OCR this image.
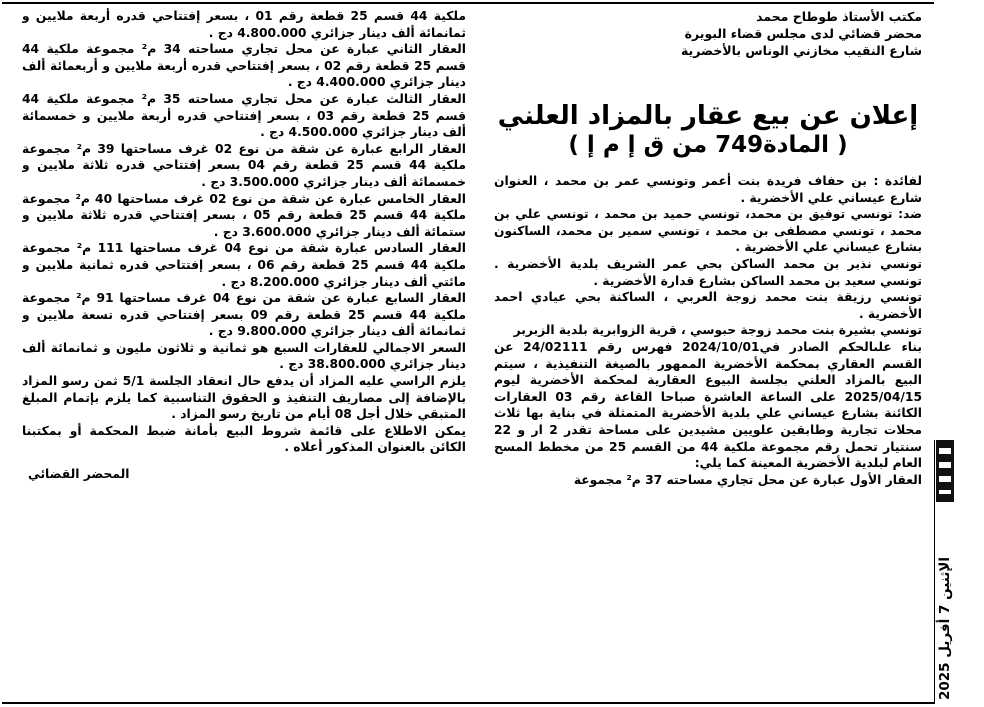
مكتب الأستاذ طوطاح محمد

محضر قضائي لدى مجلس قضاء البويرة

شارع النقيب مخازني الوناس بالأخضرية

إعلان عن بيع عقار بالمزاد العلني

( المادة749 من ق إ م إ )

لفائدة : بن حفاف فريدة بنت أعمر وتونسي عمر بن محمد ، العنوان شارع عيساني علي الأخضرية .

ضد: تونسي توفيق بن محمد، تونسي حميد بن محمد ، تونسي علي بن محمد ، تونسي مصطفى بن محمد ، تونسي سمير بن محمد، الساكنون بشارع عيساني علي الأخضرية .

تونسي نذير بن محمد الساكن بحي عمر الشريف بلدية الأخضرية . تونسي سعيد بن محمد الساكن بشارع قدارة الأخضرية .

تونسي رزيقة بنت محمد زوجة العربي ، الساكنة بحي عيادي احمد الأخضرية .

تونسي بشيرة بنت محمد زوجة حبوسي ، قرية الزوابرية بلدية الزبربر

بناء علىالحكم الصادر في2024/10/01 فهرس رقم 24/02111 عن القسم العقاري بمحكمة الأخضرية الممهور بالصيغة التنفيذية ، سيتم البيع بالمزاد العلني بجلسة البيوع العقارية لمحكمة الأخضرية ليوم 2025/04/15 على الساعة العاشرة صباحا القاعة رقم 03 العقارات الكائنة بشارع عيساني علي بلدية الأخضرية المتمثلة في بناية بها ثلاث محلات تجارية وطابقين علويين مشيدين على مساحة تقدر 2 ار و 22 سنتيار تحمل رقم مجموعة ملكية 44 من القسم 25 من مخطط المسح العام لبلدية الأخضرية المعينة كما يلي:

العقار الأول عبارة عن محل تجاري مساحته 37 م² مجموعة

ملكية 44 قسم 25 قطعة رقم 01 ، بسعر إفتتاحي قدره أربعة ملايين و ثمانمائة ألف دينار جزائري 4.800.000 دج .

العقار الثاني عبارة عن محل تجاري مساحته 34 م² مجموعة ملكية 44 قسم 25 قطعة رقم 02 ، بسعر إفتتاحي قدره أربعة ملايين و أربعمائة ألف دينار جزائري 4.400.000 دج .

العقار الثالث عبارة عن محل تجاري مساحته 35 م² مجموعة ملكية 44 قسم 25 قطعة رقم 03 ، بسعر إفتتاحي قدره أربعة ملايين و خمسمائة ألف دينار جزائري 4.500.000 دج .

العقار الرابع عبارة عن شقة من نوع 02 غرف مساحتها 39 م² مجموعة ملكية 44 قسم 25 قطعة رقم 04 بسعر إفتتاحي قدره ثلاثة ملايين و خمسمائة ألف دينار جزائري 3.500.000 دج .

العقار الخامس عبارة عن شقة من نوع 02 غرف مساحتها 40 م² مجموعة ملكية 44 قسم 25 قطعة رقم 05 ، بسعر إفتتاحي قدره ثلاثة ملايين و ستمائة ألف دينار جزائري 3.600.000 دج .

العقار السادس عبارة شقة من نوع 04 غرف مساحتها 111 م² مجموعة ملكية 44 قسم 25 قطعة رقم 06 ، بسعر إفتتاحي قدره ثمانية ملايين و مائتي ألف دينار جزائري 8.200.000 دج .

العقار السابع عبارة عن شقة من نوع 04 غرف مساحتها 91 م² مجموعة ملكية 44 قسم 25 قطعة رقم 09 بسعر إفتتاحي قدره تسعة ملايين و ثمانمائة ألف دينار جزائري 9.800.000 دج .

السعر الاجمالي للعقارات السبع هو ثمانية و ثلاثون مليون و ثمانمائة ألف دينار جزائري 38.800.000 دج .

يلزم الراسي عليه المزاد أن يدفع حال انعقاد الجلسة 5/1 ثمن رسو المزاد بالإضافة إلى مصاريف التنفيذ و الحقوق التناسبية كما يلزم بإتمام المبلغ المتبقي خلال أجل 08 أيام من تاريخ رسو المزاد .

يمكن الاطلاع على قائمة شروط البيع بأمانة ضبط المحكمة أو بمكتبنا الكائن بالعنوان المذكور أعلاه .

المحضر القضائي

الإثنين 7 أفريل 2025
